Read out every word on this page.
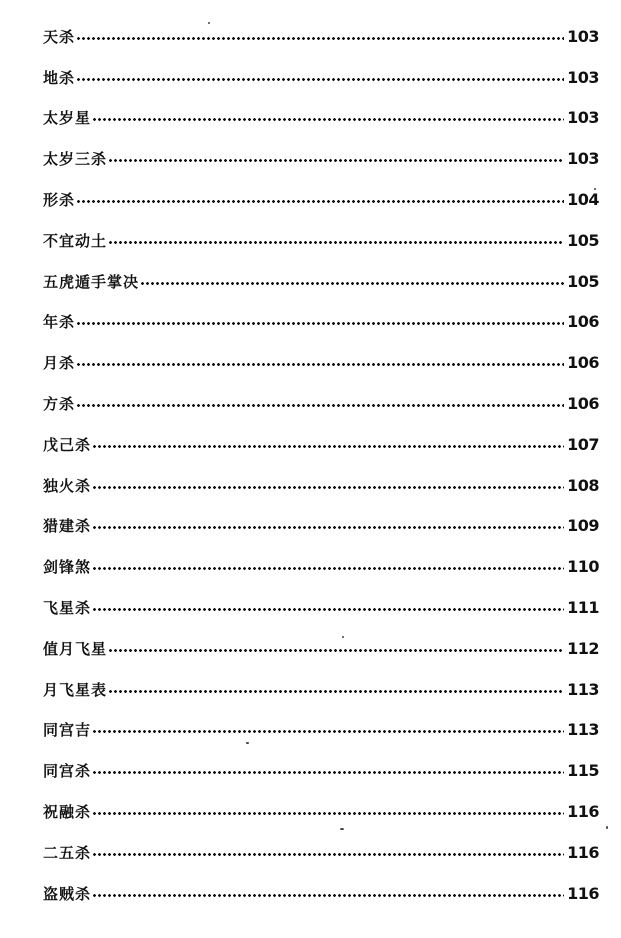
天杀	103
地杀	103
太岁星	103
太岁三杀	103
形杀	104
不宜动土	105
五虎遁手掌决	105
年杀	106
月杀	106
方杀	106
戊己杀	107
独火杀	108
猎建杀	109
剑锋煞	110
飞星杀	111
值月飞星	112
月飞星表	113
同宫吉	113
同宫杀	115
祝融杀	116
二五杀	116
盗贼杀	116
